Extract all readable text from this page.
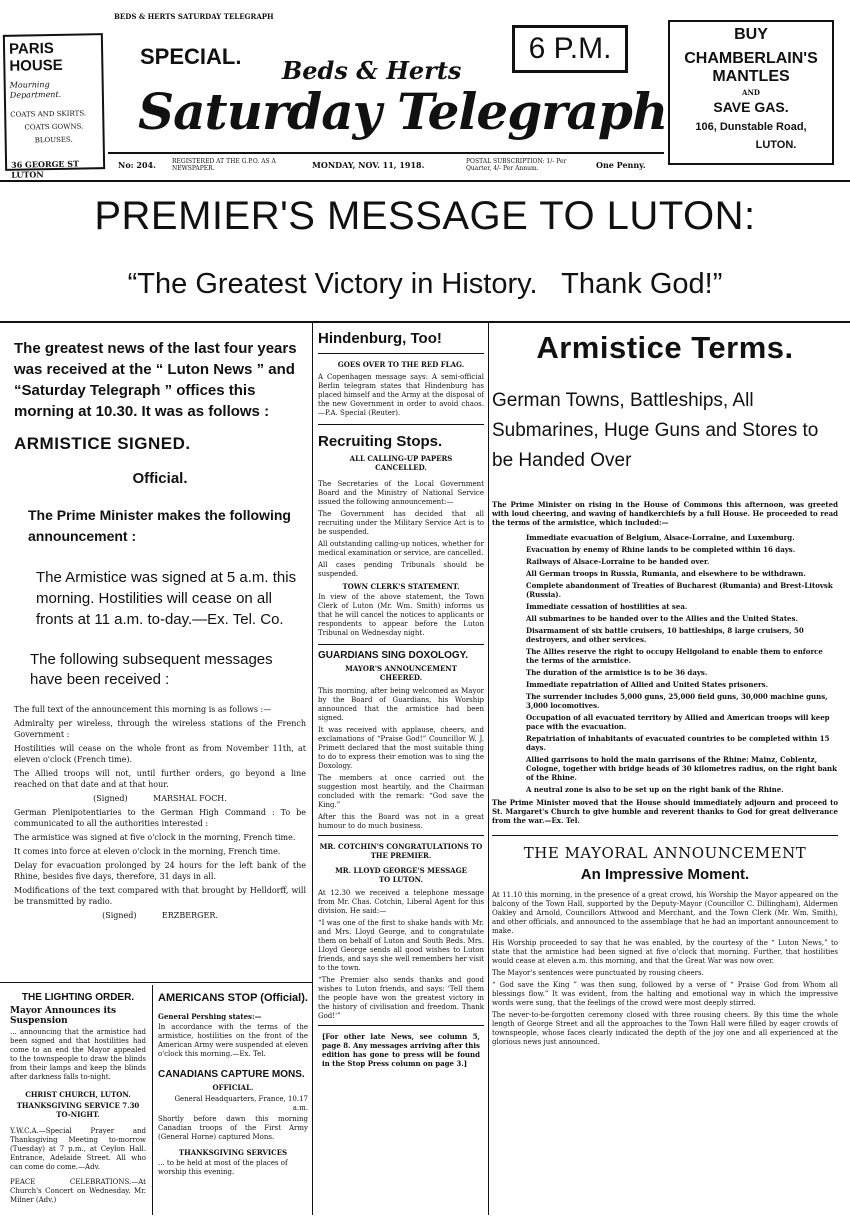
BEDS & HERTS SATURDAY TELEGRAPH
PARIS HOUSE
Mourning Department.
COATS AND SKIRTS.
COATS GOWNS.
BLOUSES.
36 GEORGE ST LUTON
SPECIAL.	6 P.M.
Beds & Herts
Saturday Telegraph
BUY
CHAMBERLAIN'S
MANTLES
AND
SAVE GAS.
106, Dunstable Road,
LUTON.
No: 204.	REGISTERED AT THE G.P.O. AS A NEWSPAPER.	MONDAY, NOV. 11, 1918.	POSTAL SUBSCRIPTION: 1/- Per Quarter, 4/- Per Annum.	One Penny.
PREMIER'S MESSAGE TO LUTON:
“The Greatest Victory in History.   Thank God!”
The greatest news of the last four years was received at the “ Luton News ” and “Saturday Telegraph ” offices this morning at 10.30. It was as follows :
ARMISTICE SIGNED.
Official.
The Prime Minister makes the following announcement :
The Armistice was signed at 5 a.m. this morning. Hostilities will cease on all fronts at 11 a.m. to-day.—Ex. Tel. Co.
The following subsequent messages have been received :

The full text of the announcement this morning is as follows :—

Admiralty per wireless, through the wireless stations of the French Government :

Hostilities will cease on the whole front as from November 11th, at eleven o'clock (French time).

The Allied troops will not, until further orders, go beyond a line reached on that date and at that hour.

(Signed)          MARSHAL FOCH.

German Plenipotentiaries to the German High Command : To be communicated to all the authorities interested :

The armistice was signed at five o'clock in the morning, French time.

It comes into force at eleven o'clock in the morning, French time.

Delay for evacuation prolonged by 24 hours for the left bank of the Rhine, besides five days, therefore, 31 days in all.

Modifications of the text compared with that brought by Helldorff, will be transmitted by radio.

(Signed)          ERZBERGER.

THE LIGHTING ORDER.
Mayor Announces its Suspension
... announcing that the armistice had been signed and that hostilities had come to an end the Mayor appealed to the townspeople to draw the blinds from their lamps and keep the blinds after darkness falls to-night.
CHRIST CHURCH, LUTON.
THANKSGIVING SERVICE 7.30 TO-NIGHT.
Y.W.C.A.—Special Prayer and Thanksgiving Meeting to-morrow (Tuesday) at 7 p.m., at Ceylon Hall. Entrance, Adelaide Street. All who can come do come.—Adv.
PEACE CELEBRATIONS.—At Church's Concert on Wednesday. Mr. Milner (Adv.)
AMERICANS STOP (Official).
General Pershing states:—
In accordance with the terms of the armistice, hostilities on the front of the American Army were suspended at eleven o'clock this morning.—Ex. Tel.
CANADIANS CAPTURE MONS.
OFFICIAL.
General Headquarters, France, 10.17 a.m.
Shortly before dawn this morning Canadian troops of the First Army (General Horne) captured Mons.
THANKSGIVING SERVICES
... to be held at most of the places of worship this evening.
Hindenburg, Too!
GOES OVER TO THE RED FLAG.
A Copenhagen message says: A semi-official Berlin telegram states that Hindenburg has placed himself and the Army at the disposal of the new Government in order to avoid chaos.—P.A. Special (Reuter).
Recruiting Stops.
ALL CALLING-UP PAPERS CANCELLED.

The Secretaries of the Local Government Board and the Ministry of National Service issued the following announcement:—

The Government has decided that all recruiting under the Military Service Act is to be suspended.

All outstanding calling-up notices, whether for medical examination or service, are cancelled.

All cases pending Tribunals should be suspended.

TOWN CLERK'S STATEMENT.
In view of the above statement, the Town Clerk of Luton (Mr. Wm. Smith) informs us that he will cancel the notices to applicants or respondents to appear before the Luton Tribunal on Wednesday night.
GUARDIANS SING DOXOLOGY.
MAYOR'S ANNOUNCEMENT CHEERED.

This morning, after being welcomed as Mayor by the Board of Guardians, his Worship announced that the armistice had been signed.

It was received with applause, cheers, and exclamations of “Praise God!” Councillor W. J. Primett declared that the most suitable thing to do to express their emotion was to sing the Doxology.

The members at once carried out the suggestion most heartily, and the Chairman concluded with the remark: “God save the King.”

After this the Board was not in a great humour to do much business.

MR. COTCHIN'S CONGRATULATIONS TO THE PREMIER.
MR. LLOYD GEORGE'S MESSAGE TO LUTON.

At 12.30 we received a telephone message from Mr. Chas. Cotchin, Liberal Agent for this division. He said:—

“I was one of the first to shake hands with Mr. and Mrs. Lloyd George, and to congratulate them on behalf of Luton and South Beds. Mrs. Lloyd George sends all good wishes to Luton friends, and says she well remembers her visit to the town.

“The Premier also sends thanks and good wishes to Luton friends, and says: 'Tell them the people have won the greatest victory in the history of civilisation and freedom. Thank God!'”

[For other late News, see column 5, page 8. Any messages arriving after this edition has gone to press will be found in the Stop Press column on page 3.]
Armistice Terms.
German Towns, Battleships, All Submarines, Huge Guns and Stores to be Handed Over
The Prime Minister on rising in the House of Commons this afternoon, was greeted with loud cheering, and waving of handkerchiefs by a full House. He proceeded to read the terms of the armistice, which included:—
Immediate evacuation of Belgium, Alsace-Lorraine, and Luxemburg.
Evacuation by enemy of Rhine lands to be completed within 16 days.
Railways of Alsace-Lorraine to be handed over.
All German troops in Russia, Rumania, and elsewhere to be withdrawn.
Complete abandonment of Treaties of Bucharest (Rumania) and Brest-Litovsk (Russia).
Immediate cessation of hostilities at sea.
All submarines to be handed over to the Allies and the United States.
Disarmament of six battle cruisers, 10 battleships, 8 large cruisers, 50 destroyers, and other services.
The Allies reserve the right to occupy Heligoland to enable them to enforce the terms of the armistice.
The duration of the armistice is to be 36 days.
Immediate repatriation of Allied and United States prisoners.
The surrender includes 5,000 guns, 25,000 field guns, 30,000 machine guns, 3,000 locomotives.
Occupation of all evacuated territory by Allied and American troops will keep pace with the evacuation.
Repatriation of inhabitants of evacuated countries to be completed within 15 days.
Allied garrisons to hold the main garrisons of the Rhine: Mainz, Coblentz, Cologne, together with bridge heads of 30 kilometres radius, on the right bank of the Rhine.
A neutral zone is also to be set up on the right bank of the Rhine.
The Prime Minister moved that the House should immediately adjourn and proceed to St. Margaret's Church to give humble and reverent thanks to God for great deliverance from the war.—Ex. Tel.
THE MAYORAL ANNOUNCEMENT
An Impressive Moment.

At 11.10 this morning, in the presence of a great crowd, his Worship the Mayor appeared on the balcony of the Town Hall, supported by the Deputy-Mayor (Councillor C. Dillingham), Aldermen Oakley and Arnold, Councillors Attwood and Merchant, and the Town Clerk (Mr. Wm. Smith), and other officials, and announced to the assemblage that he had an important announcement to make.

His Worship proceeded to say that he was enabled, by the courtesy of the “ Luton News,” to state that the armistice had been signed at five o'clock that morning. Further, that hostilities would cease at eleven a.m. this morning, and that the Great War was now over.

The Mayor's sentences were punctuated by rousing cheers.

“ God save the King ” was then sung, followed by a verse of “ Praise God from Whom all blessings flow.” It was evident, from the halting and emotional way in which the impressive words were sung, that the feelings of the crowd were most deeply stirred.

The never-to-be-forgotten ceremony closed with three rousing cheers. By this time the whole length of George Street and all the approaches to the Town Hall were filled by eager crowds of townspeople, whose faces clearly indicated the depth of the joy one and all experienced at the glorious news just announced.
